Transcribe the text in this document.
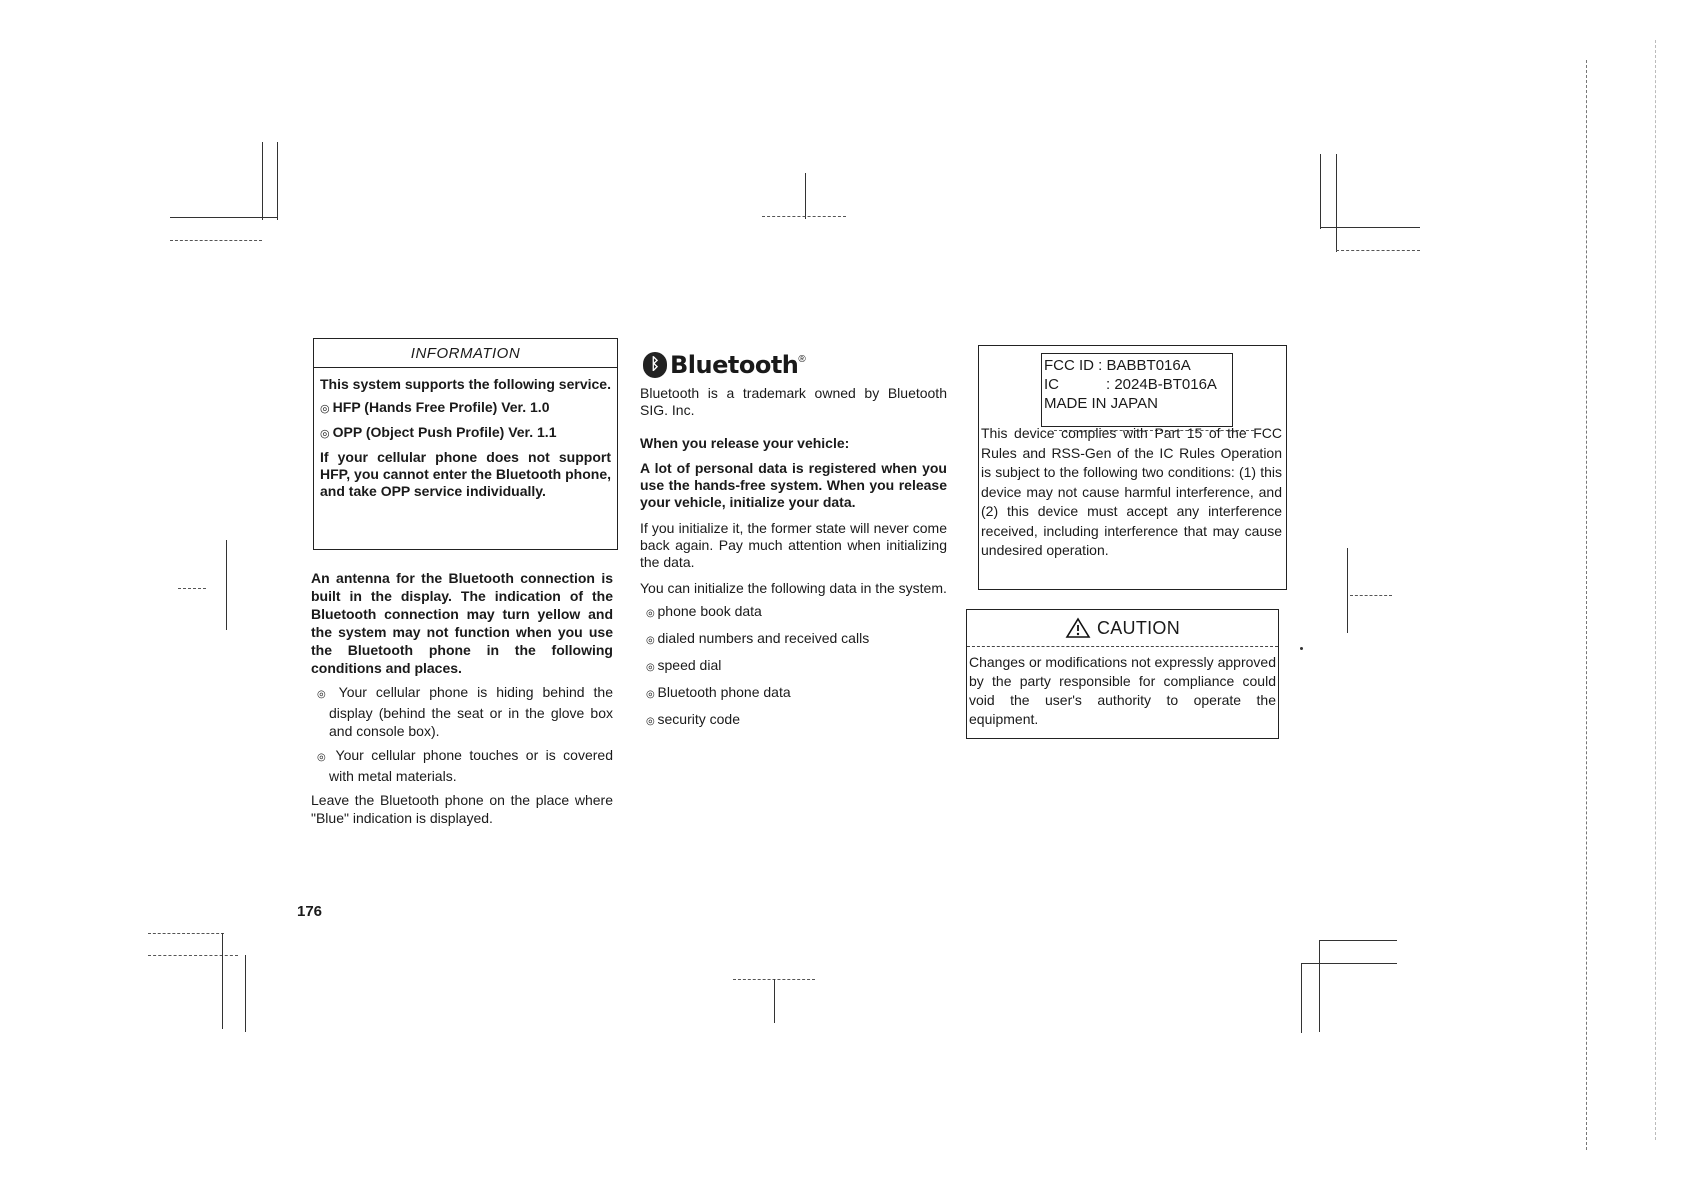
INFORMATION

This system supports the following service.

◎ HFP (Hands Free Profile) Ver. 1.0
◎ OPP (Object Push Profile) Ver. 1.1

If your cellular phone does not support HFP, you cannot enter the Bluetooth phone, and take OPP service individually.

An antenna for the Bluetooth connection is built in the display. The indication of the Bluetooth connection may turn yellow and the system may not function when you use the Bluetooth phone in the following conditions and places.

◎ Your cellular phone is hiding behind the display (behind the seat or in the glove box and console box).

◎ Your cellular phone touches or is covered with metal materials.

Leave the Bluetooth phone on the place where "Blue" indication is displayed.

ᛒ Bluetooth ®

Bluetooth is a trademark owned by Bluetooth SIG. Inc.

When you release your vehicle:

A lot of personal data is registered when you use the hands-free system. When you release your vehicle, initialize your data.

If you initialize it, the former state will never come back again. Pay much attention when initializing the data.

You can initialize the following data in the system.

◎ phone book data
◎ dialed numbers and received calls
◎ speed dial
◎ Bluetooth phone data
◎ security code
FCC ID : BABBT016A
IC	: 2024B-BT016A
MADE IN JAPAN
This device complies with Part 15 of the FCC Rules and RSS-Gen of the IC Rules Operation is subject to the following two conditions: (1) this device may not cause harmful interference, and (2) this device must accept any interference received, including interference that may cause undesired operation.
CAUTION
Changes or modifications not expressly approved by the party responsible for compliance could void the user's authority to operate the equipment.
176
